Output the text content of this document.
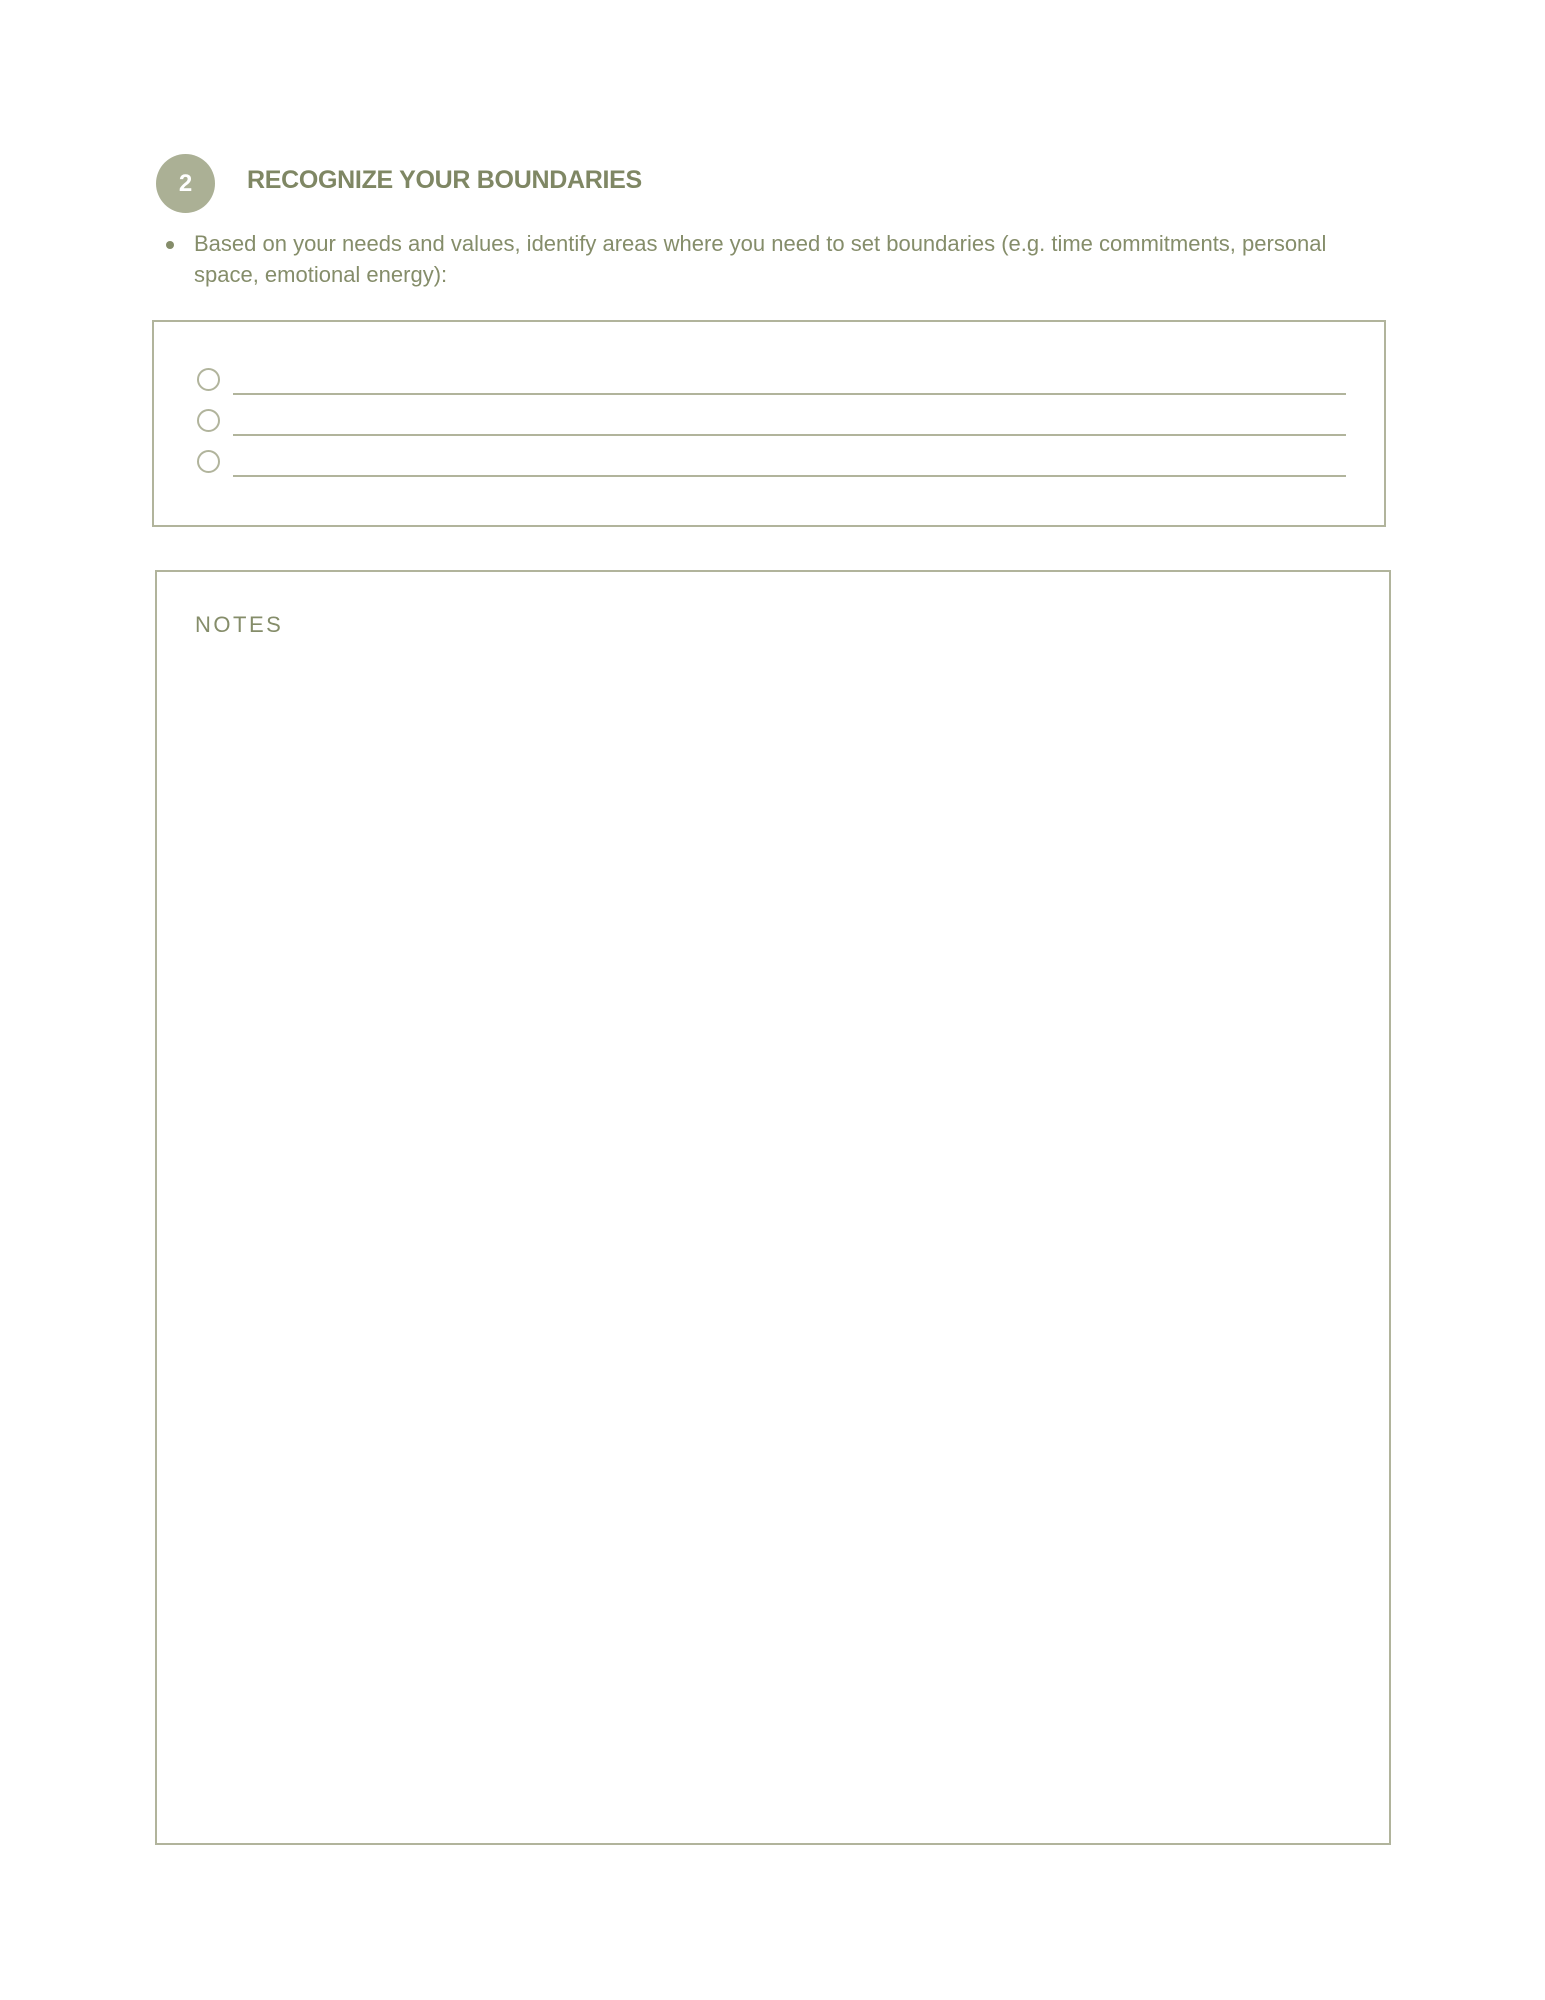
2 RECOGNIZE YOUR BOUNDARIES
Based on your needs and values, identify areas where you need to set boundaries (e.g. time commitments, personal space, emotional energy):
NOTES
